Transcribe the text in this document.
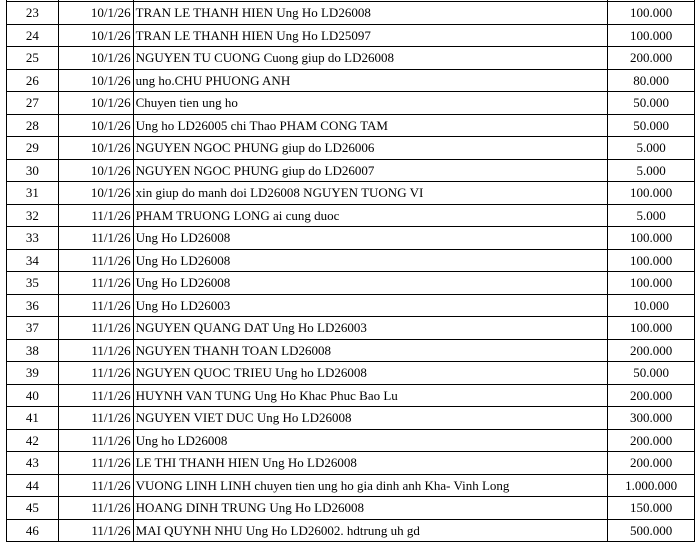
23	10/1/26	TRAN LE THANH HIEN Ung Ho LD26008	100.000
24	10/1/26	TRAN LE THANH HIEN Ung Ho LD25097	100.000
25	10/1/26	NGUYEN TU CUONG Cuong giup do LD26008	200.000
26	10/1/26	ung ho.CHU PHUONG ANH	80.000
27	10/1/26	Chuyen tien ung ho	50.000
28	10/1/26	Ung ho LD26005 chi Thao PHAM CONG TAM	50.000
29	10/1/26	NGUYEN NGOC PHUNG giup do LD26006	5.000
30	10/1/26	NGUYEN NGOC PHUNG giup do LD26007	5.000
31	10/1/26	xin giup do manh doi LD26008 NGUYEN TUONG VI	100.000
32	11/1/26	PHAM TRUONG LONG ai cung duoc	5.000
33	11/1/26	Ung Ho LD26008	100.000
34	11/1/26	Ung Ho LD26008	100.000
35	11/1/26	Ung Ho LD26008	100.000
36	11/1/26	Ung Ho LD26003	10.000
37	11/1/26	NGUYEN QUANG DAT Ung Ho LD26003	100.000
38	11/1/26	NGUYEN THANH TOAN LD26008	200.000
39	11/1/26	NGUYEN QUOC TRIEU Ung ho LD26008	50.000
40	11/1/26	HUYNH VAN TUNG Ung Ho Khac Phuc Bao Lu	200.000
41	11/1/26	NGUYEN VIET DUC Ung Ho LD26008	300.000
42	11/1/26	Ung ho LD26008	200.000
43	11/1/26	LE THI THANH HIEN Ung Ho LD26008	200.000
44	11/1/26	VUONG LINH LINH chuyen tien ung ho gia dinh anh Kha- Vinh Long	1.000.000
45	11/1/26	HOANG DINH TRUNG Ung Ho LD26008	150.000
46	11/1/26	MAI QUYNH NHU Ung Ho LD26002. hdtrung uh gd	500.000
